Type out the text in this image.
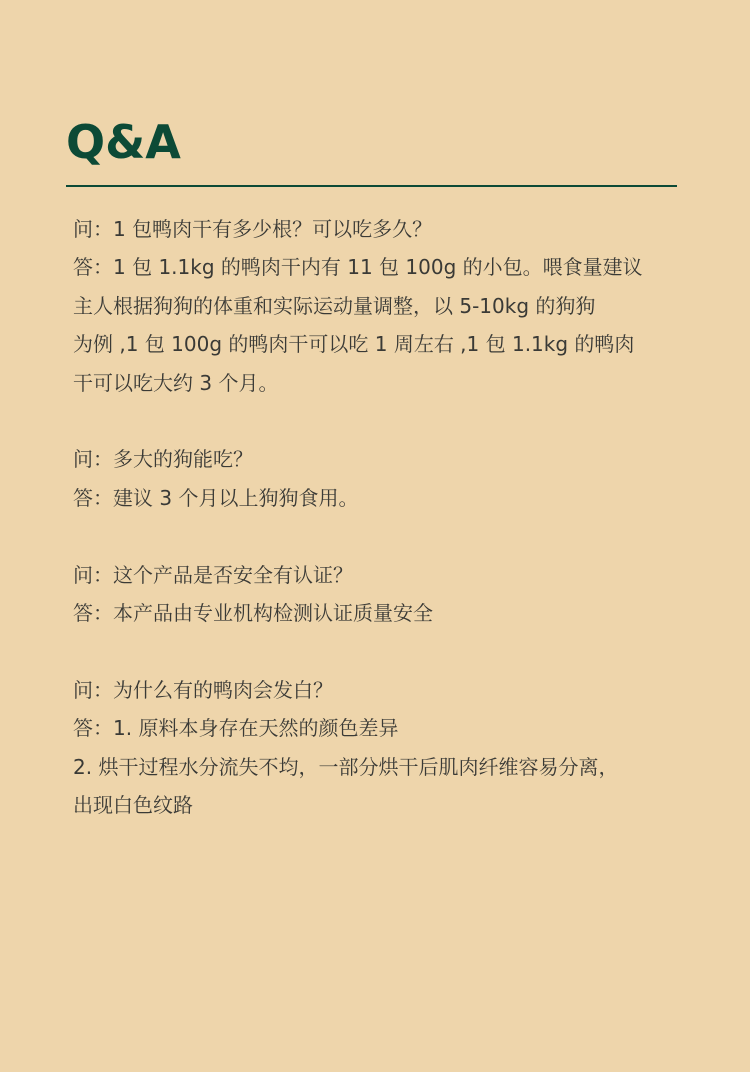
Q&A

问：1 包鸭肉干有多少根？可以吃多久？

答：1 包 1.1kg 的鸭肉干内有 11 包 100g 的小包。喂食量建议

主人根据狗狗的体重和实际运动量调整，以 5-10kg 的狗狗

为例 ,1 包 100g 的鸭肉干可以吃 1 周左右 ,1 包 1.1kg 的鸭肉

干可以吃大约 3 个月。

问：多大的狗能吃？

答：建议 3 个月以上狗狗食用。

问：这个产品是否安全有认证？

答：本产品由专业机构检测认证质量安全

问：为什么有的鸭肉会发白？

答：1. 原料本身存在天然的颜色差异

2. 烘干过程水分流失不均，一部分烘干后肌肉纤维容易分离，

出现白色纹路
